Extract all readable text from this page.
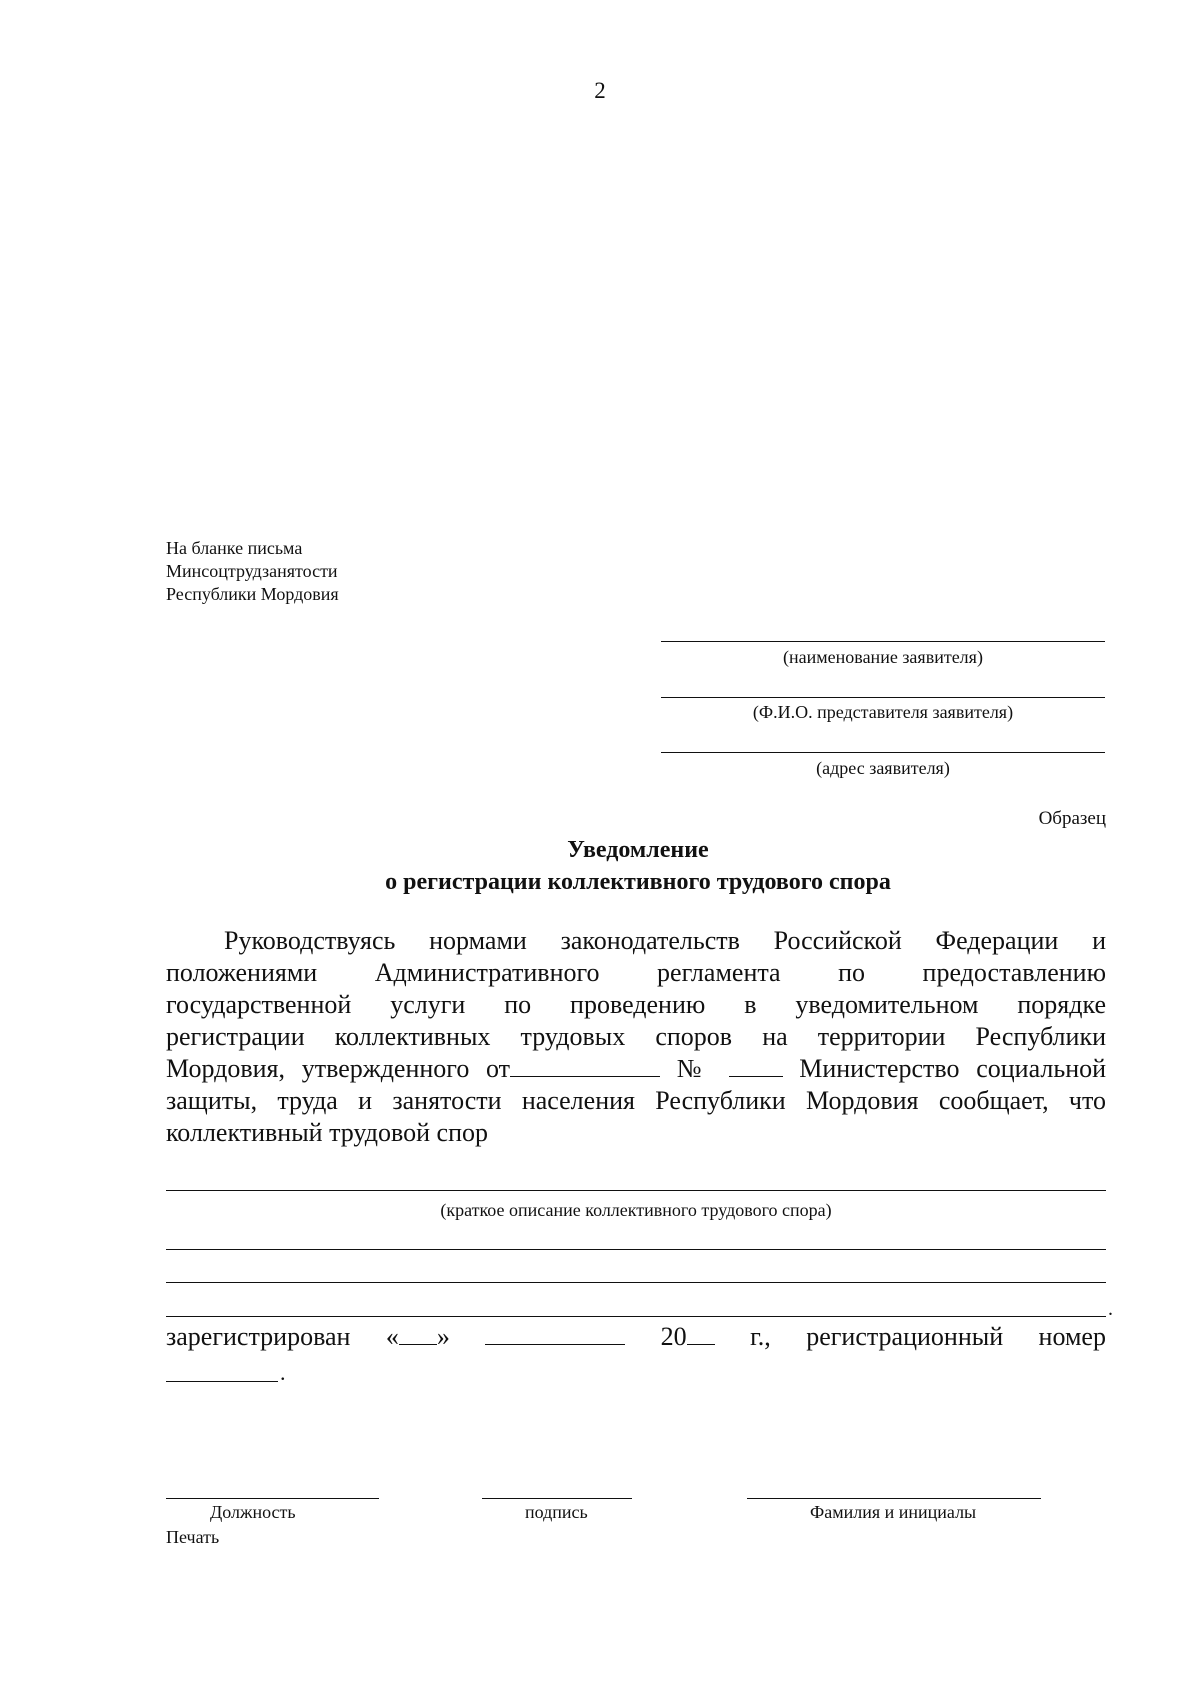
2
На бланке письма
Минсоцтрудзанятости
Республики Мордовия
(наименование заявителя)
(Ф.И.О. представителя заявителя)
(адрес заявителя)
Образец
Уведомление
о регистрации коллективного трудового спора
Руководствуясь нормами законодательств Российской Федерации и
положениями Административного регламента по предоставлению
государственной услуги по проведению в уведомительном порядке
регистрации коллективных трудовых споров на территории Республики
Мордовия, утвержденного от	№	Министерство социальной
защиты, труда и занятости населения Республики Мордовия сообщает, что
коллективный трудовой спор
(краткое описание коллективного трудового спора)
.
зарегистрирован « »	20	г., регистрационный номер
.
Должность	подпись	Фамилия и инициалы
Печать
